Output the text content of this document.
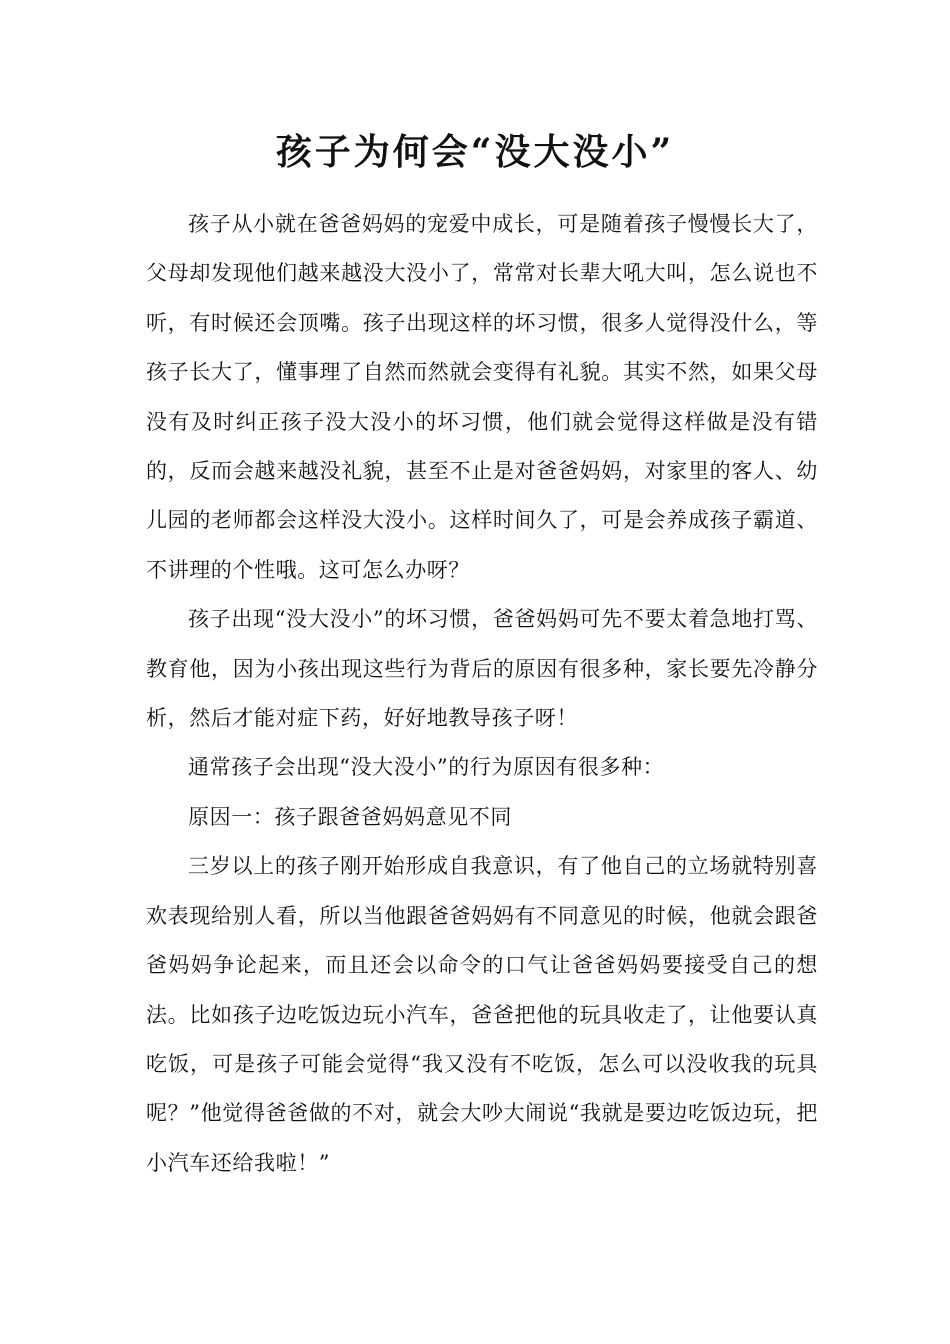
孩子为何会“没大没小”

孩子从小就在爸爸妈妈的宠爱中成长，可是随着孩子慢慢长大了，父母却发现他们越来越没大没小了，常常对长辈大吼大叫，怎么说也不听，有时候还会顶嘴。孩子出现这样的坏习惯，很多人觉得没什么，等孩子长大了，懂事理了自然而然就会变得有礼貌。其实不然，如果父母没有及时纠正孩子没大没小的坏习惯，他们就会觉得这样做是没有错的，反而会越来越没礼貌，甚至不止是对爸爸妈妈，对家里的客人、幼儿园的老师都会这样没大没小。这样时间久了，可是会养成孩子霸道、不讲理的个性哦。这可怎么办呀？

孩子出现“没大没小”的坏习惯，爸爸妈妈可先不要太着急地打骂、教育他，因为小孩出现这些行为背后的原因有很多种，家长要先冷静分析，然后才能对症下药，好好地教导孩子呀！

通常孩子会出现“没大没小”的行为原因有很多种：

原因一：孩子跟爸爸妈妈意见不同

三岁以上的孩子刚开始形成自我意识，有了他自己的立场就特别喜欢表现给别人看，所以当他跟爸爸妈妈有不同意见的时候，他就会跟爸爸妈妈争论起来，而且还会以命令的口气让爸爸妈妈要接受自己的想法。比如孩子边吃饭边玩小汽车，爸爸把他的玩具收走了，让他要认真吃饭，可是孩子可能会觉得“我又没有不吃饭，怎么可以没收我的玩具呢？”他觉得爸爸做的不对，就会大吵大闹说“我就是要边吃饭边玩，把小汽车还给我啦！”
